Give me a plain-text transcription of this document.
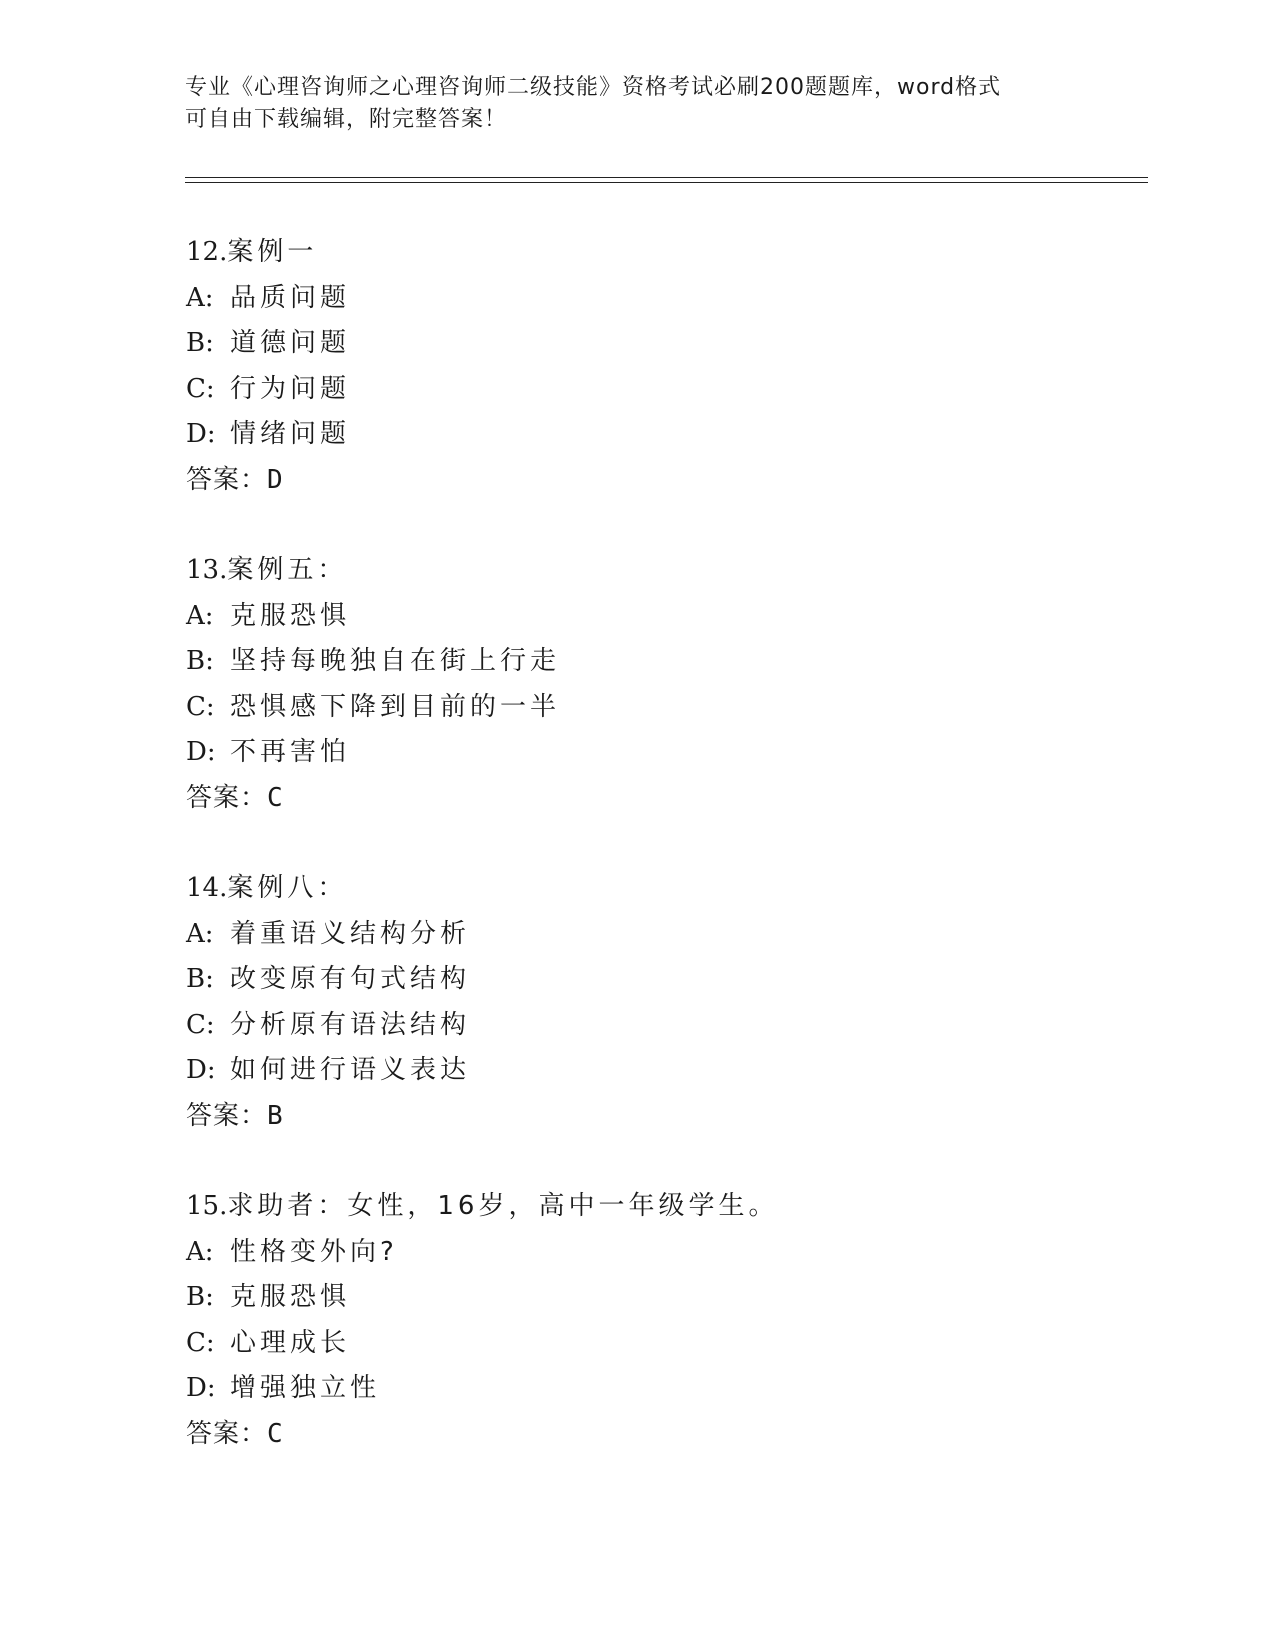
专业《心理咨询师之心理咨询师二级技能》资格考试必刷200题题库，word格式

可自由下载编辑，附完整答案！

12.案例一
A: 品质问题
B: 道德问题
C: 行为问题
D: 情绪问题
答案：D
13.案例五：
A: 克服恐惧
B: 坚持每晚独自在街上行走
C: 恐惧感下降到目前的一半
D: 不再害怕
答案：C
14.案例八：
A: 着重语义结构分析
B: 改变原有句式结构
C: 分析原有语法结构
D: 如何进行语义表达
答案：B
15.求助者：女性，16岁，高中一年级学生。
A: 性格变外向?
B: 克服恐惧
C: 心理成长
D: 增强独立性
答案：C
